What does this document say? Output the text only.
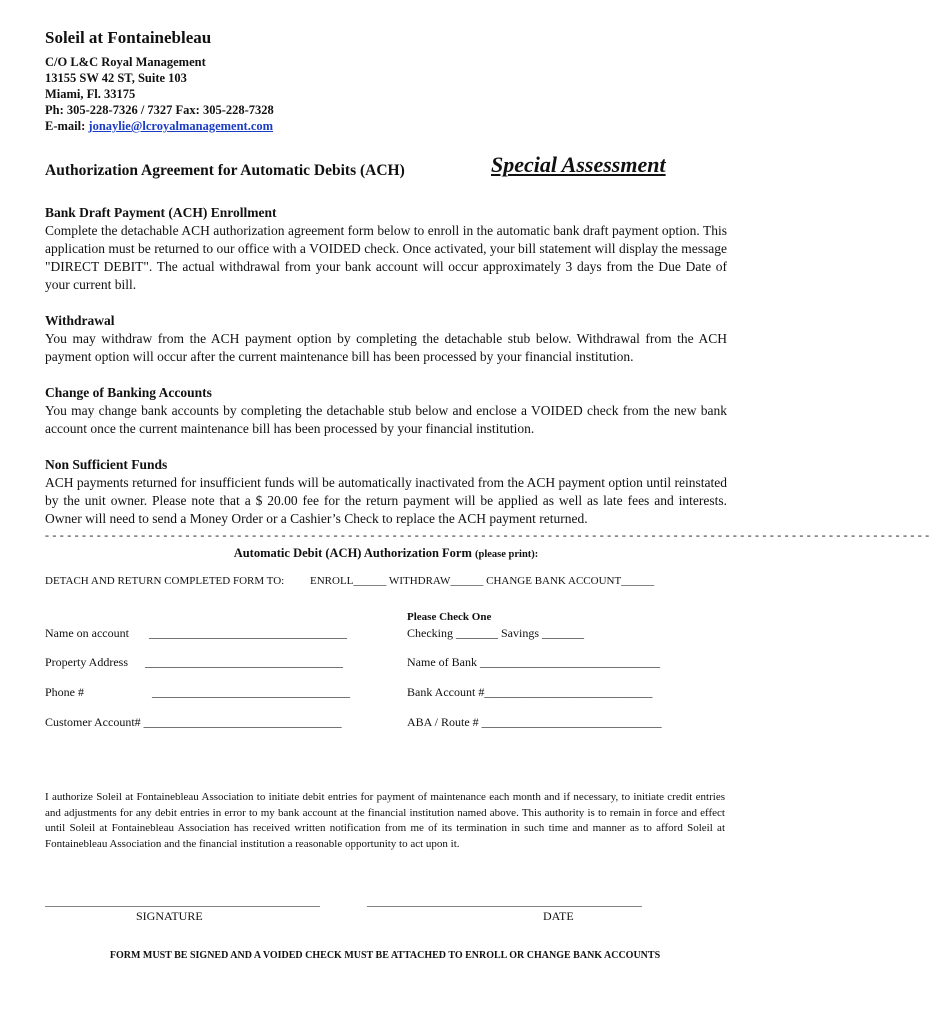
Soleil at Fontainebleau
C/O L&C Royal Management
13155 SW 42 ST, Suite 103
Miami, Fl. 33175
Ph: 305-228-7326 / 7327 Fax: 305-228-7328
E-mail: jonaylie@lcroyalmanagement.com
Authorization Agreement for Automatic Debits (ACH)	Special Assessment
Bank Draft Payment (ACH) Enrollment
Complete the detachable ACH authorization agreement form below to enroll in the automatic bank draft payment option. This application must be returned to our office with a VOIDED check. Once activated, your bill statement will display the message "DIRECT DEBIT". The actual withdrawal from your bank account will occur approximately 3 days from the Due Date of your current bill.
Withdrawal
You may withdraw from the ACH payment option by completing the detachable stub below. Withdrawal from the ACH payment option will occur after the current maintenance bill has been processed by your financial institution.
Change of Banking Accounts
You may change bank accounts by completing the detachable stub below and enclose a VOIDED check from the new bank account once the current maintenance bill has been processed by your financial institution.
Non Sufficient Funds
ACH payments returned for insufficient funds will be automatically inactivated from the ACH payment option until reinstated by the unit owner. Please note that a $ 20.00 fee for the return payment will be applied as well as late fees and interests. Owner will need to send a Money Order or a Cashier’s Check to replace the ACH payment returned.
- - - - - - - - - - - - - - - - - - - - - - - - - - - - - - - - - - - - - - - - - - - - - - - - - - - - - - - - - - - - - - - - - - - - - - - - - - - - - - - - - - - - - - - - - - - - - - - - - - - - - - - - - - - - - - - - - - - - - - - -
Automatic Debit (ACH) Authorization Form (please print):
DETACH AND RETURN COMPLETED FORM TO: ENROLL______ WITHDRAW______ CHANGE BANK ACCOUNT______
Please Check One
Name on account _________________________________	Checking _______ Savings _______
Property Address _________________________________	Name of Bank ______________________________
Phone #	_________________________________	Bank Account #____________________________
Customer Account# _________________________________	ABA / Route # ______________________________
I authorize Soleil at Fontainebleau Association to initiate debit entries for payment of maintenance each month and if necessary, to initiate credit entries and adjustments for any debit entries in error to my bank account at the financial institution named above. This authority is to remain in force and effect until Soleil at Fontainebleau Association has received written notification from me of its termination in such time and manner as to afford Soleil at Fontainebleau Association and the financial institution a reasonable opportunity to act upon it.
__________________________________________________	__________________________________________________
SIGNATURE	DATE
FORM MUST BE SIGNED AND A VOIDED CHECK MUST BE ATTACHED TO ENROLL OR CHANGE BANK ACCOUNTS
